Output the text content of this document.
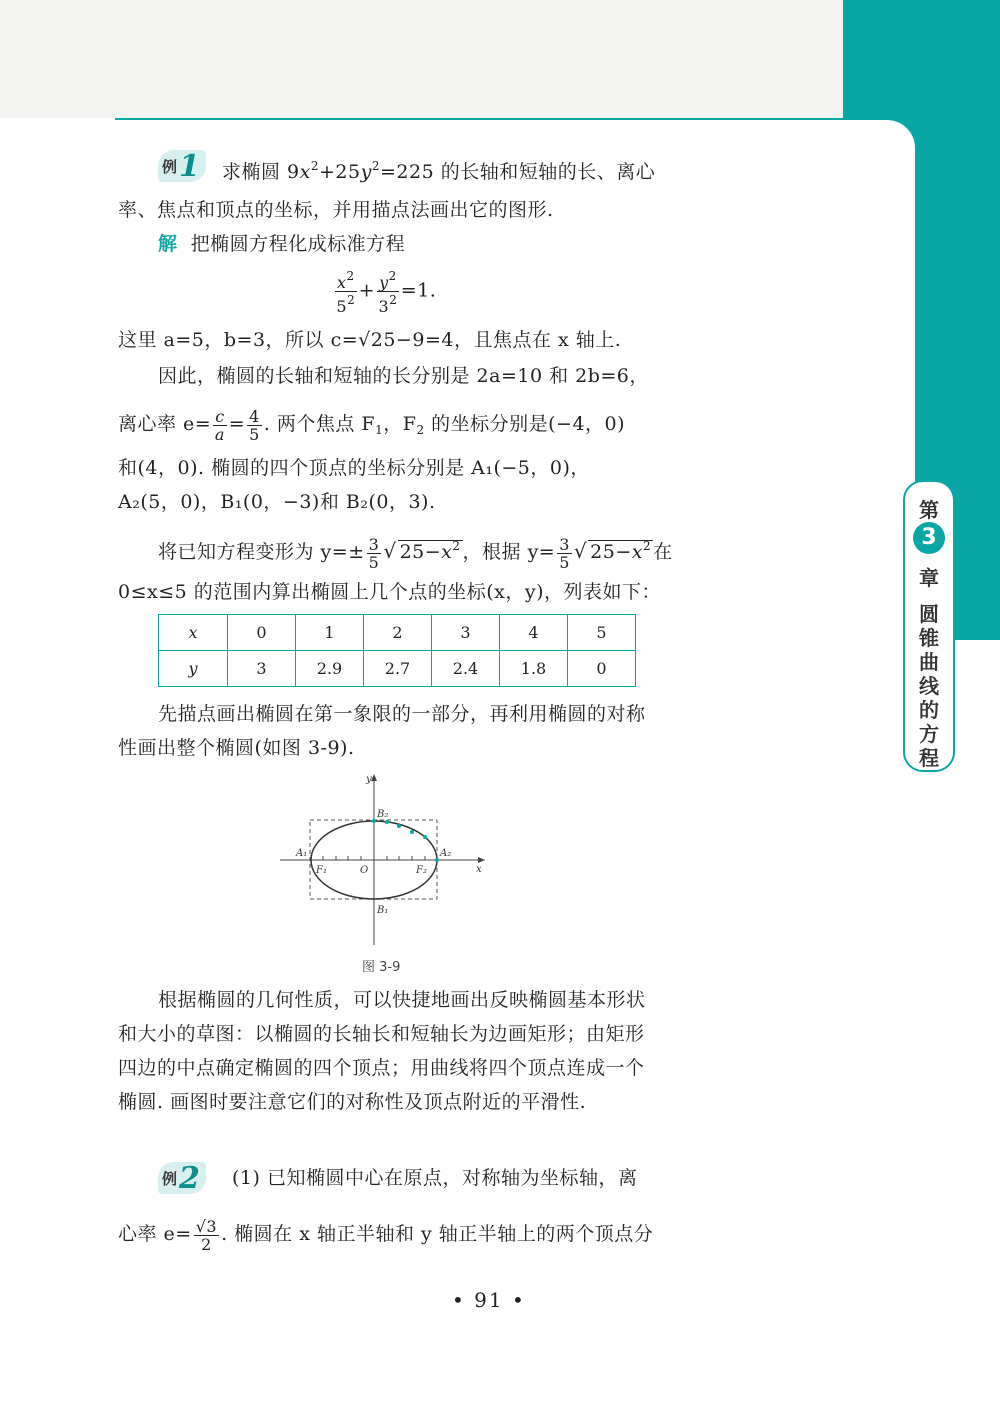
例 1 求椭圆 $9x^2+25y^2=225$ 的长轴和短轴的长、离心
率、焦点和顶点的坐标，并用描点法画出它的图形.
解 把椭圆方程化成标准方程
$\frac{x^2}{5^2} + \frac{y^2}{3^2} =1$.
这里 a=5，b=3，所以 c=√25−9=4，且焦点在 x 轴上.
因此，椭圆的长轴和短轴的长分别是 2a=10 和 2b=6，
离心率 $e= \frac{c}{a} = \frac{4}{5}$ . 两个焦点 $F_1$，$F_2$ 的坐标分别是(−4，0)
和(4，0). 椭圆的四个顶点的坐标分别是 A₁(−5，0)，
A₂(5，0)，B₁(0，−3)和 B₂(0，3).
将已知方程变形为 $y=\pm \frac{3}{5}$ √ $25-x^2$ ，根据 $y= \frac{3}{5}$ √ $25-x^2$ 在
0≤x≤5 的范围内算出椭圆上几个点的坐标(x，y)，列表如下：
x	0	1	2	3	4	5
y	3	2.9	2.7	2.4	1.8	0
先描点画出椭圆在第一象限的一部分，再利用椭圆的对称
性画出整个椭圆(如图 3-9).
y
x
O
A₁	A₂
B₂
B₁
F₁	F₂
图 3-9
根据椭圆的几何性质，可以快捷地画出反映椭圆基本形状
和大小的草图：以椭圆的长轴长和短轴长为边画矩形；由矩形
四边的中点确定椭圆的四个顶点；用曲线将四个顶点连成一个
椭圆. 画图时要注意它们的对称性及顶点附近的平滑性.
例 2 (1) 已知椭圆中心在原点，对称轴为坐标轴，离
心率 $e= \frac{√3}{2}$ . 椭圆在 x 轴正半轴和 y 轴正半轴上的两个顶点分
第
3
章
圆
锥
曲
线
的
方
程
• 91 •
